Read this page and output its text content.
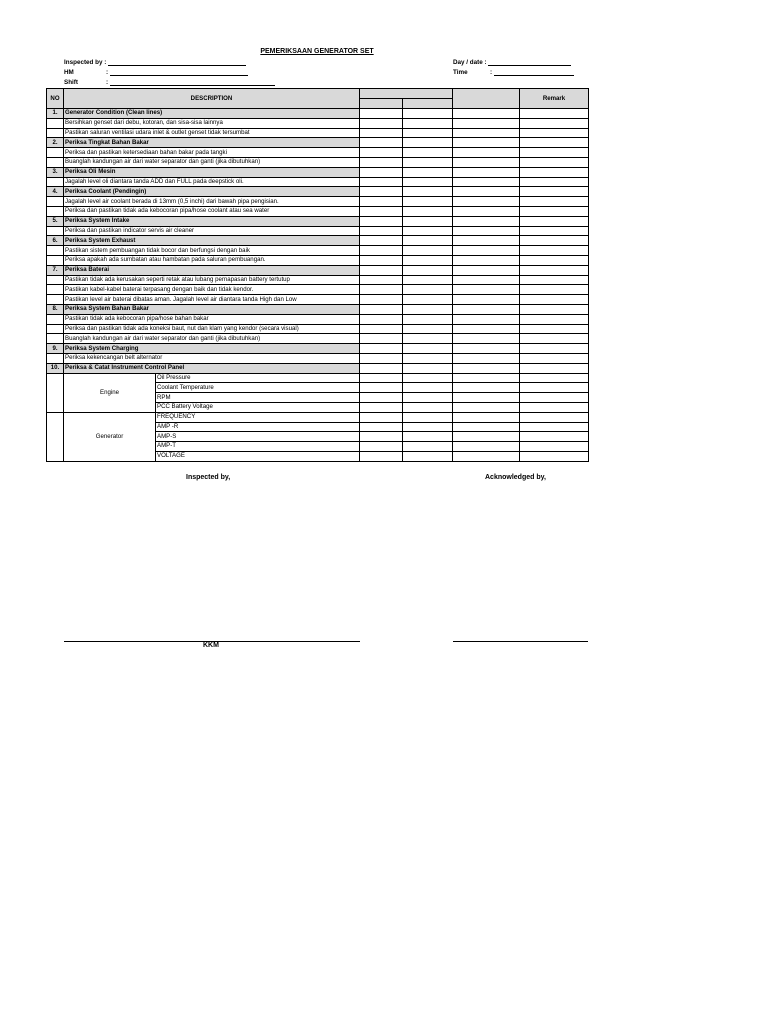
PEMERIKSAAN GENERATOR SET
Inspected by :
HM	:
Shift	:
Day / date :
Time	:
NO	DESCRIPTION					Remark

1.	Generator Condition (Clean lines)					
	Bersihkan genset dari debu, kotoran, dan sisa-sisa lainnya					
	Pastikan saluran ventilasi udara inlet & outlet genset tidak tersumbat					
2.	Periksa Tingkat Bahan Bakar					
	Periksa dan pastikan ketersediaan bahan bakar pada tangki					
	Buanglah kandungan air dari water separator dan ganti (jika dibutuhkan)					
3.	Periksa Oli Mesin					
	Jagalah level oli diantara tanda ADD dan FULL pada deepstick oli.					
4.	Periksa Coolant (Pendingin)					
	Jagalah level air coolant berada di 13mm (0,5 inchi) dari bawah pipa pengisian.					
	Periksa dan pastikan tidak ada kebocoran pipa/hose coolant atau sea water					
5.	Periksa System Intake					
	Periksa dan pastikan indicator servis air cleaner					
6.	Periksa System Exhaust					
	Pastikan sistem pembuangan tidak bocor dan berfungsi dengan baik					
	Periksa apakah ada sumbatan atau hambatan pada saluran pembuangan.					
7.	Periksa Baterai					
	Pastikan tidak ada kerusakan seperti retak atau lubang pernapasan battery tertutup					
	Pastikan kabel-kabel baterai terpasang dengan baik dan tidak kendor.					
	Pastikan level air baterai dibatas aman. Jagalah level air diantara tanda High dan Low					
8.	Periksa System Bahan Bakar					
	Pastikan tidak ada kebocoran pipa/hose bahan bakar					
	Periksa dan pastikan tidak ada koneksi baut, nut dan klam yang kendor (secara visual)					
	Buanglah kandungan air dari water separator dan ganti (jika dibutuhkan)					
9.	Periksa System Charging					
	Periksa kekencangan belt alternator					
10.	Periksa & Catat Instrument Control Panel					
	Engine	Oil Pressure				
		Coolant Temperature				
		RPM				
		PCC Battery Voltage				
	Generator	FREQUENCY				
		AMP -R				
		AMP-S				
		AMP-T				
		VOLTAGE				
Inspected by,	Acknowledged by,
KKM
